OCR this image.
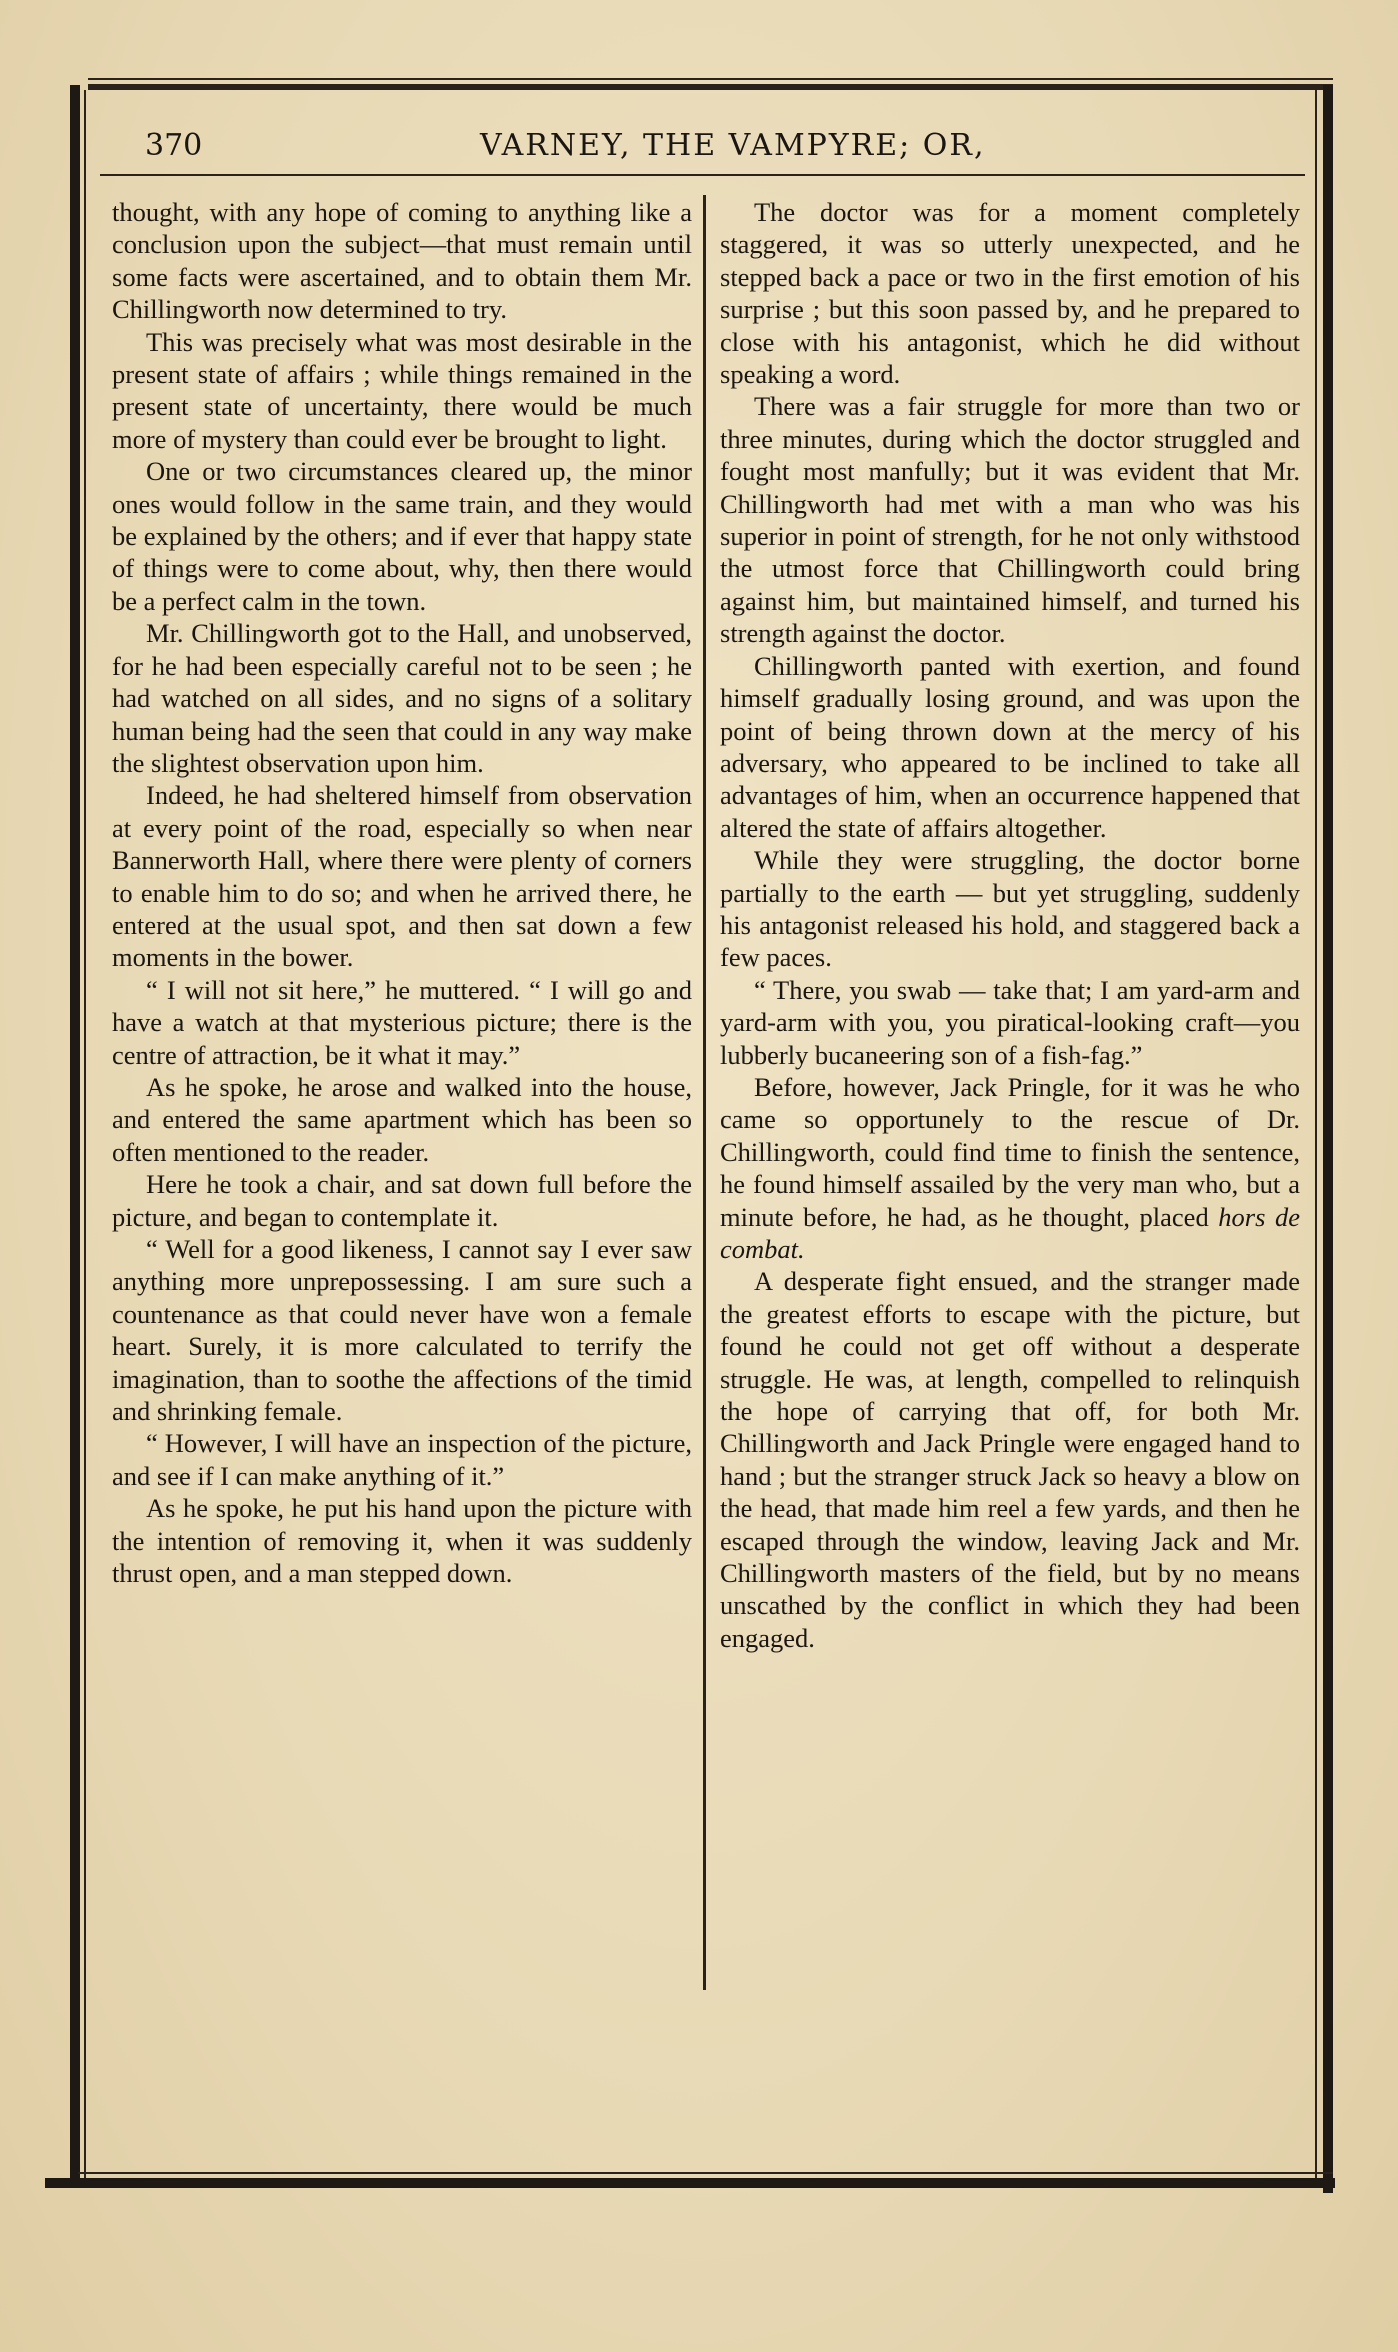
370	VARNEY, THE VAMPYRE; OR,

thought, with any hope of coming to anything like a conclusion upon the subject—that must remain until some facts were ascertained, and to obtain them Mr. Chillingworth now determined to try.

This was precisely what was most desirable in the present state of affairs ; while things remained in the present state of uncertainty, there would be much more of mystery than could ever be brought to light.

One or two circumstances cleared up, the minor ones would follow in the same train, and they would be explained by the others; and if ever that happy state of things were to come about, why, then there would be a perfect calm in the town.

Mr. Chillingworth got to the Hall, and unobserved, for he had been especially careful not to be seen ; he had watched on all sides, and no signs of a solitary human being had the seen that could in any way make the slightest observation upon him.

Indeed, he had sheltered himself from observation at every point of the road, especially so when near Bannerworth Hall, where there were plenty of corners to enable him to do so; and when he arrived there, he entered at the usual spot, and then sat down a few moments in the bower.

“ I will not sit here,” he muttered. “ I will go and have a watch at that mysterious picture; there is the centre of attraction, be it what it may.”

As he spoke, he arose and walked into the house, and entered the same apartment which has been so often mentioned to the reader.

Here he took a chair, and sat down full before the picture, and began to contemplate it.

“ Well for a good likeness, I cannot say I ever saw anything more unprepossessing. I am sure such a countenance as that could never have won a female heart. Surely, it is more calculated to terrify the imagination, than to soothe the affections of the timid and shrinking female.

“ However, I will have an inspection of the picture, and see if I can make anything of it.”

As he spoke, he put his hand upon the picture with the intention of removing it, when it was suddenly thrust open, and a man stepped down.

The doctor was for a moment completely staggered, it was so utterly unexpected, and he stepped back a pace or two in the first emotion of his surprise ; but this soon passed by, and he prepared to close with his antagonist, which he did without speaking a word.

There was a fair struggle for more than two or three minutes, during which the doctor struggled and fought most manfully; but it was evident that Mr. Chillingworth had met with a man who was his superior in point of strength, for he not only withstood the utmost force that Chillingworth could bring against him, but maintained himself, and turned his strength against the doctor.

Chillingworth panted with exertion, and found himself gradually losing ground, and was upon the point of being thrown down at the mercy of his adversary, who appeared to be inclined to take all advantages of him, when an occurrence happened that altered the state of affairs altogether.

While they were struggling, the doctor borne partially to the earth — but yet struggling, suddenly his antagonist released his hold, and staggered back a few paces.

“ There, you swab — take that; I am yard-arm and yard-arm with you, you piratical-looking craft—you lubberly bucaneering son of a fish-fag.”

Before, however, Jack Pringle, for it was he who came so opportunely to the rescue of Dr. Chillingworth, could find time to finish the sentence, he found himself assailed by the very man who, but a minute before, he had, as he thought, placed hors de combat.

A desperate fight ensued, and the stranger made the greatest efforts to escape with the picture, but found he could not get off without a desperate struggle. He was, at length, compelled to relinquish the hope of carrying that off, for both Mr. Chillingworth and Jack Pringle were engaged hand to hand ; but the stranger struck Jack so heavy a blow on the head, that made him reel a few yards, and then he escaped through the window, leaving Jack and Mr. Chillingworth masters of the field, but by no means unscathed by the conflict in which they had been engaged.
